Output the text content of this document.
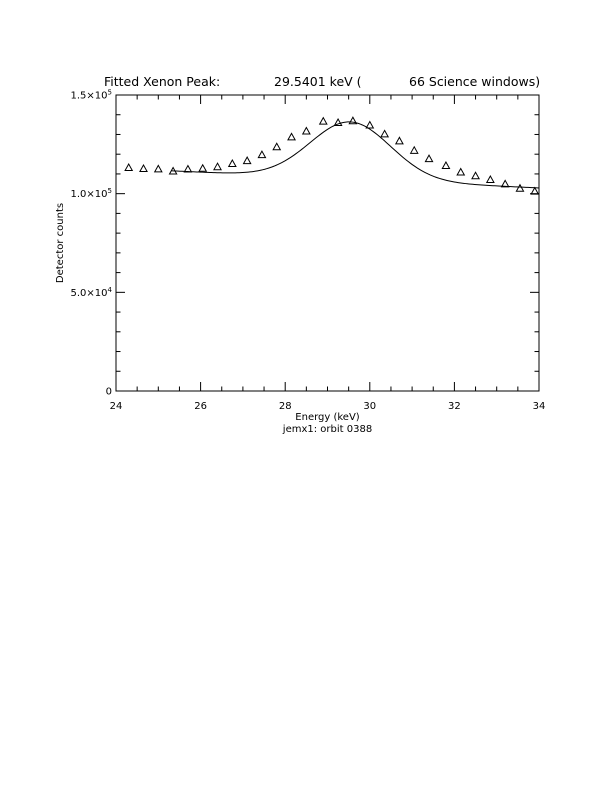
Fitted Xenon Peak:	29.5401 keV (	66 Science windows)
24	26	28	30	32	34
0
$5.0\times 10^4$
$1.0\times 10^5$
$1.5\times 10^5$
Energy (keV)
jemx1: orbit 0388
Detector counts
